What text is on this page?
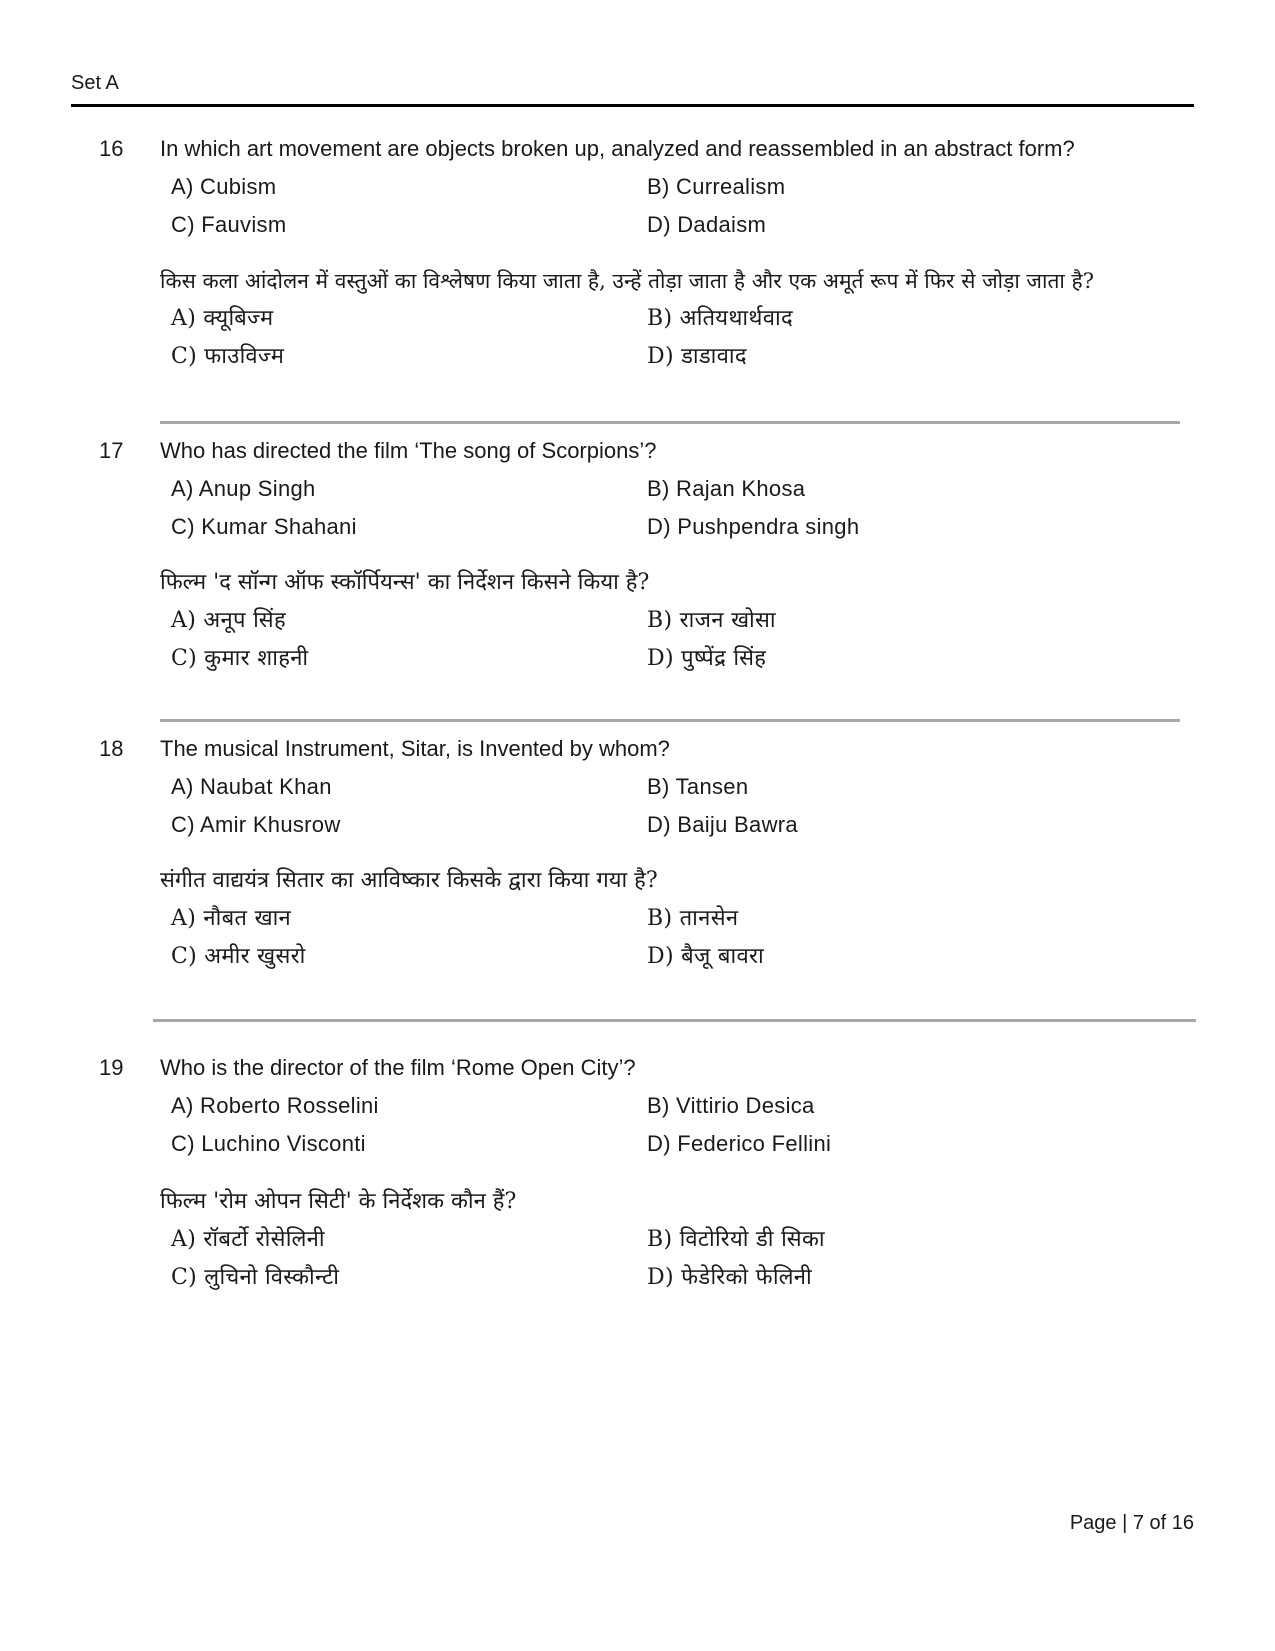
Set A
16 In which art movement are objects broken up, analyzed and reassembled in an abstract form?
A) Cubism	B) Currealism
C) Fauvism	D) Dadaism
किस कला आंदोलन में वस्तुओं का विश्लेषण किया जाता है, उन्हें तोड़ा जाता है और एक अमूर्त रूप में फिर से जोड़ा जाता है?
A) क्यूबिज्म	B) अतियथार्थवाद
C) फाउविज्म	D) डाडावाद
17 Who has directed the film ‘The song of Scorpions’?
A) Anup Singh	B) Rajan Khosa
C) Kumar Shahani	D) Pushpendra singh
फिल्म 'द सॉन्ग ऑफ स्कॉर्पियन्स' का निर्देशन किसने किया है?
A) अनूप सिंह	B) राजन खोसा
C) कुमार शाहनी	D) पुष्पेंद्र सिंह
18 The musical Instrument, Sitar, is Invented by whom?
A) Naubat Khan	B) Tansen
C) Amir Khusrow	D) Baiju Bawra
संगीत वाद्ययंत्र सितार का आविष्कार किसके द्वारा किया गया है?
A) नौबत खान	B) तानसेन
C) अमीर खुसरो	D) बैजू बावरा
19 Who is the director of the film ‘Rome Open City’?
A) Roberto Rosselini	B) Vittirio Desica
C) Luchino Visconti	D) Federico Fellini
फिल्म 'रोम ओपन सिटी' के निर्देशक कौन हैं?
A) रॉबर्टो रोसेलिनी	B) विटोरियो डी सिका
C) लुचिनो विस्कौन्टी	D) फेडेरिको फेलिनी
Page | 7 of 16
